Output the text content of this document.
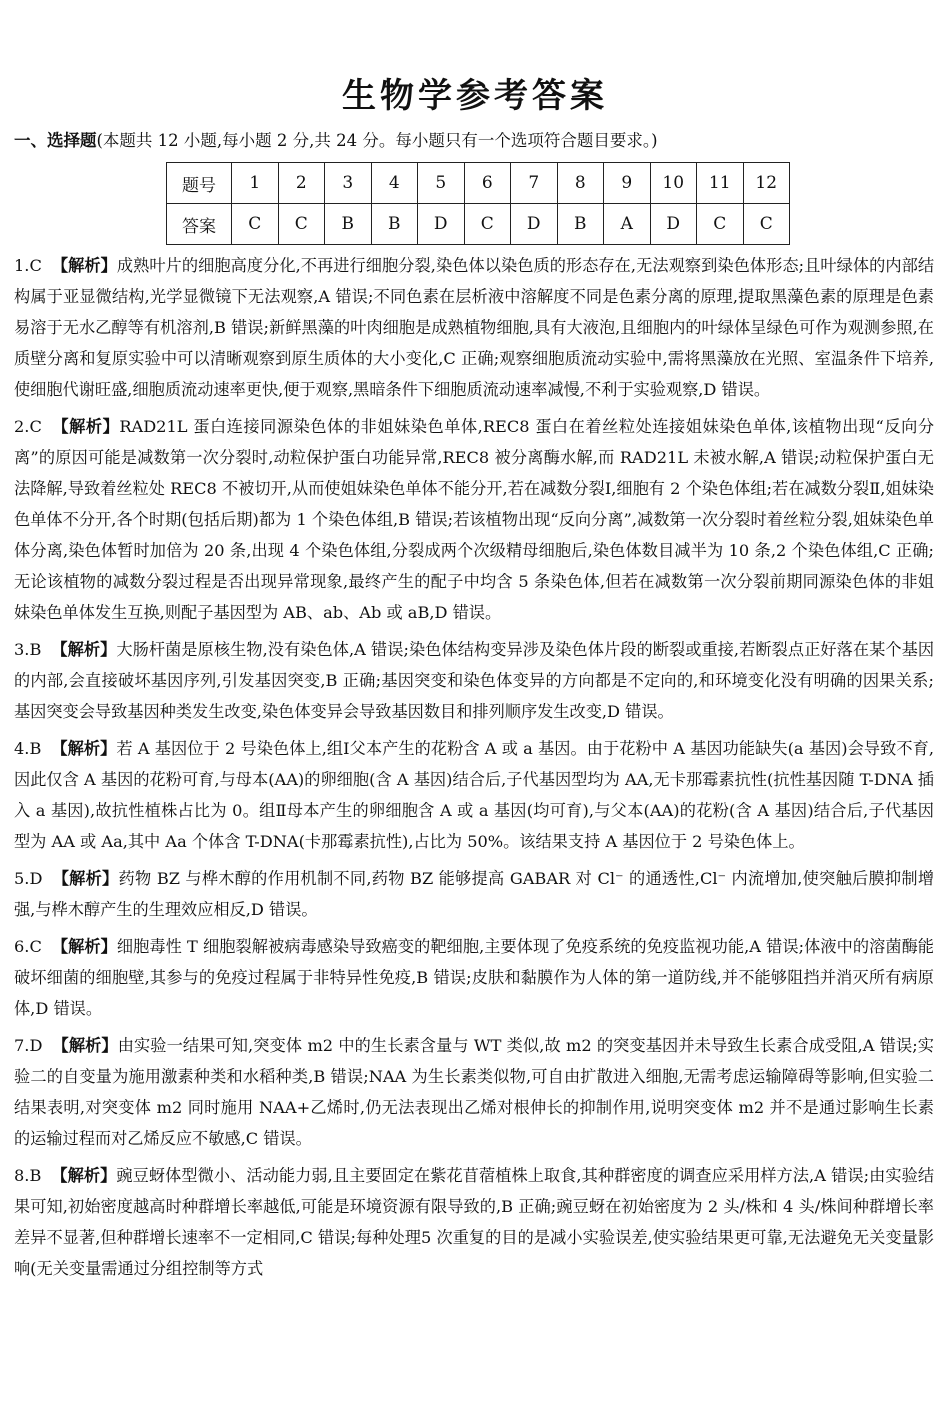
生物学参考答案
一、选择题(本题共 12 小题,每小题 2 分,共 24 分。每小题只有一个选项符合题目要求。)
题号	1	2	3	4	5	6	7	8	9	10	11	12
答案	C	C	B	B	D	C	D	B	A	D	C	C
1.C 【解析】成熟叶片的细胞高度分化,不再进行细胞分裂,染色体以染色质的形态存在,无法观察到染色体形态;且叶绿体的内部结构属于亚显微结构,光学显微镜下无法观察,A 错误;不同色素在层析液中溶解度不同是色素分离的原理,提取黑藻色素的原理是色素易溶于无水乙醇等有机溶剂,B 错误;新鲜黑藻的叶肉细胞是成熟植物细胞,具有大液泡,且细胞内的叶绿体呈绿色可作为观测参照,在质壁分离和复原实验中可以清晰观察到原生质体的大小变化,C 正确;观察细胞质流动实验中,需将黑藻放在光照、室温条件下培养,使细胞代谢旺盛,细胞质流动速率更快,便于观察,黑暗条件下细胞质流动速率减慢,不利于实验观察,D 错误。
2.C 【解析】RAD21L 蛋白连接同源染色体的非姐妹染色单体,REC8 蛋白在着丝粒处连接姐妹染色单体,该植物出现“反向分离”的原因可能是减数第一次分裂时,动粒保护蛋白功能异常,REC8 被分离酶水解,而 RAD21L 未被水解,A 错误;动粒保护蛋白无法降解,导致着丝粒处 REC8 不被切开,从而使姐妹染色单体不能分开,若在减数分裂Ⅰ,细胞有 2 个染色体组;若在减数分裂Ⅱ,姐妹染色单体不分开,各个时期(包括后期)都为 1 个染色体组,B 错误;若该植物出现“反向分离”,减数第一次分裂时着丝粒分裂,姐妹染色单体分离,染色体暂时加倍为 20 条,出现 4 个染色体组,分裂成两个次级精母细胞后,染色体数目减半为 10 条,2 个染色体组,C 正确;无论该植物的减数分裂过程是否出现异常现象,最终产生的配子中均含 5 条染色体,但若在减数第一次分裂前期同源染色体的非姐妹染色单体发生互换,则配子基因型为 AB、ab、Ab 或 aB,D 错误。
3.B 【解析】大肠杆菌是原核生物,没有染色体,A 错误;染色体结构变异涉及染色体片段的断裂或重接,若断裂点正好落在某个基因的内部,会直接破坏基因序列,引发基因突变,B 正确;基因突变和染色体变异的方向都是不定向的,和环境变化没有明确的因果关系;基因突变会导致基因种类发生改变,染色体变异会导致基因数目和排列顺序发生改变,D 错误。
4.B 【解析】若 A 基因位于 2 号染色体上,组Ⅰ父本产生的花粉含 A 或 a 基因。由于花粉中 A 基因功能缺失(a 基因)会导致不育,因此仅含 A 基因的花粉可育,与母本(AA)的卵细胞(含 A 基因)结合后,子代基因型均为 AA,无卡那霉素抗性(抗性基因随 T-DNA 插入 a 基因),故抗性植株占比为 0。组Ⅱ母本产生的卵细胞含 A 或 a 基因(均可育),与父本(AA)的花粉(含 A 基因)结合后,子代基因型为 AA 或 Aa,其中 Aa 个体含 T-DNA(卡那霉素抗性),占比为 50%。该结果支持 A 基因位于 2 号染色体上。
5.D 【解析】药物 BZ 与桦木醇的作用机制不同,药物 BZ 能够提高 GABAR 对 Cl⁻ 的通透性,Cl⁻ 内流增加,使突触后膜抑制增强,与桦木醇产生的生理效应相反,D 错误。
6.C 【解析】细胞毒性 T 细胞裂解被病毒感染导致癌变的靶细胞,主要体现了免疫系统的免疫监视功能,A 错误;体液中的溶菌酶能破坏细菌的细胞壁,其参与的免疫过程属于非特异性免疫,B 错误;皮肤和黏膜作为人体的第一道防线,并不能够阻挡并消灭所有病原体,D 错误。
7.D 【解析】由实验一结果可知,突变体 m2 中的生长素含量与 WT 类似,故 m2 的突变基因并未导致生长素合成受阻,A 错误;实验二的自变量为施用激素种类和水稻种类,B 错误;NAA 为生长素类似物,可自由扩散进入细胞,无需考虑运输障碍等影响,但实验二结果表明,对突变体 m2 同时施用 NAA+乙烯时,仍无法表现出乙烯对根伸长的抑制作用,说明突变体 m2 并不是通过影响生长素的运输过程而对乙烯反应不敏感,C 错误。
8.B 【解析】豌豆蚜体型微小、活动能力弱,且主要固定在紫花苜蓿植株上取食,其种群密度的调查应采用样方法,A 错误;由实验结果可知,初始密度越高时种群增长率越低,可能是环境资源有限导致的,B 正确;豌豆蚜在初始密度为 2 头/株和 4 头/株间种群增长率差异不显著,但种群增长速率不一定相同,C 错误;每种处理5 次重复的目的是减小实验误差,使实验结果更可靠,无法避免无关变量影响(无关变量需通过分组控制等方式
